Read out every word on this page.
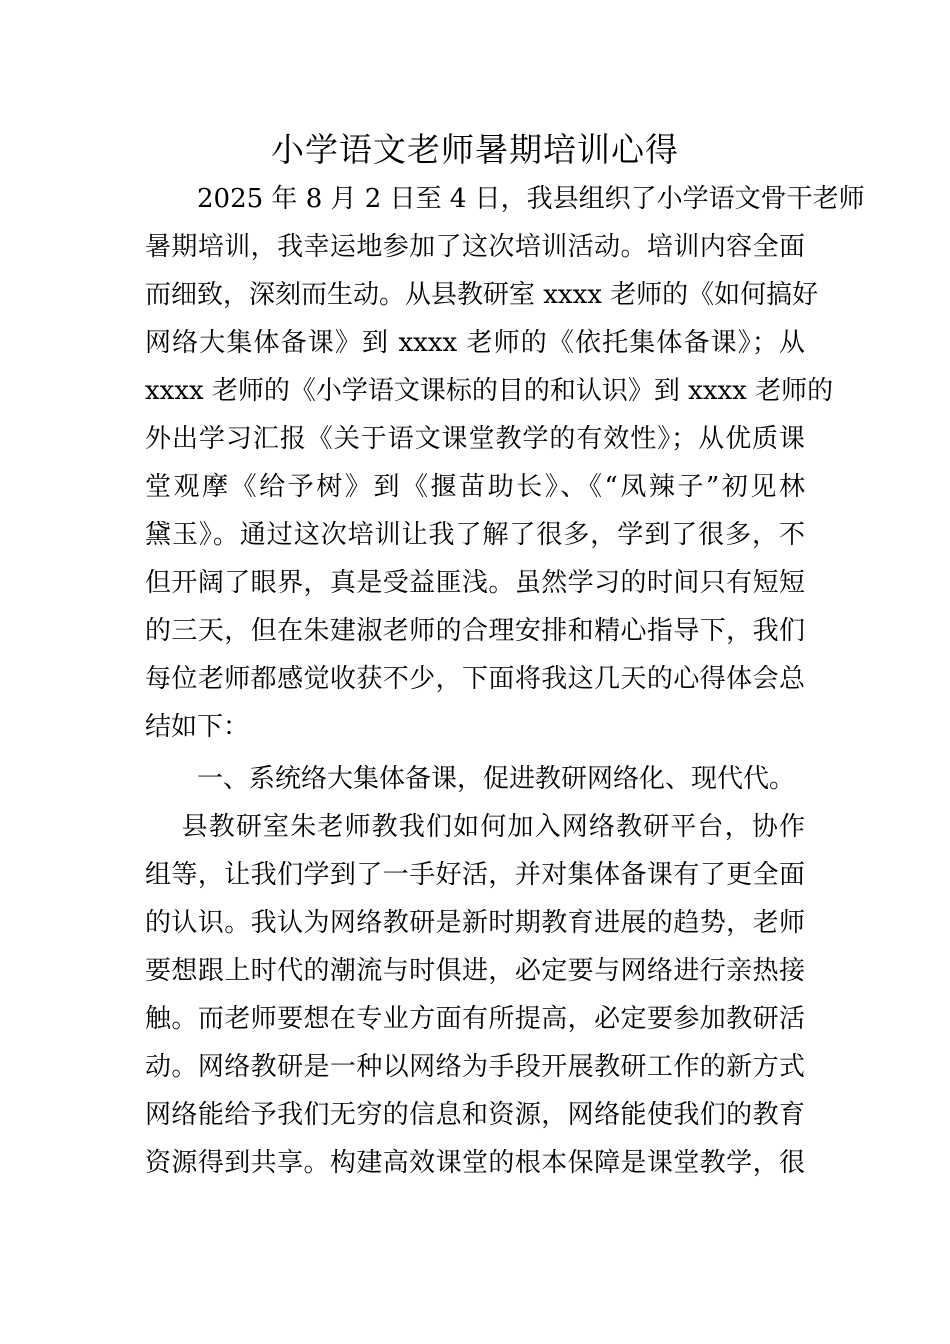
小学语文老师暑期培训心得

　　2025 年 8 月 2 日至 4 日，我县组织了小学语文骨干老师

暑期培训，我幸运地参加了这次培训活动。培训内容全面

而细致，深刻而生动。从县教研室 xxxx 老师的《如何搞好

网络大集体备课》到 xxxx 老师的《依托集体备课》；从

xxxx 老师的《小学语文课标的目的和认识》到 xxxx 老师的

外出学习汇报《关于语文课堂教学的有效性》；从优质课

堂观摩《给予树》到《揠苗助长》、《“凤辣子”初见林

黛玉》。通过这次培训让我了解了很多，学到了很多，不

但开阔了眼界，真是受益匪浅。虽然学习的时间只有短短

的三天，但在朱建淑老师的合理安排和精心指导下，我们

每位老师都感觉收获不少，下面将我这几天的心得体会总

结如下：

　　一、系统络大集体备课，促进教研网络化、现代代。

　 县教研室朱老师教我们如何加入网络教研平台，协作

组等，让我们学到了一手好活，并对集体备课有了更全面

的认识。我认为网络教研是新时期教育进展的趋势，老师

要想跟上时代的潮流与时俱进，必定要与网络进行亲热接

触。而老师要想在专业方面有所提高，必定要参加教研活

动。网络教研是一种以网络为手段开展教研工作的新方式

网络能给予我们无穷的信息和资源，网络能使我们的教育

资源得到共享。构建高效课堂的根本保障是课堂教学，很
